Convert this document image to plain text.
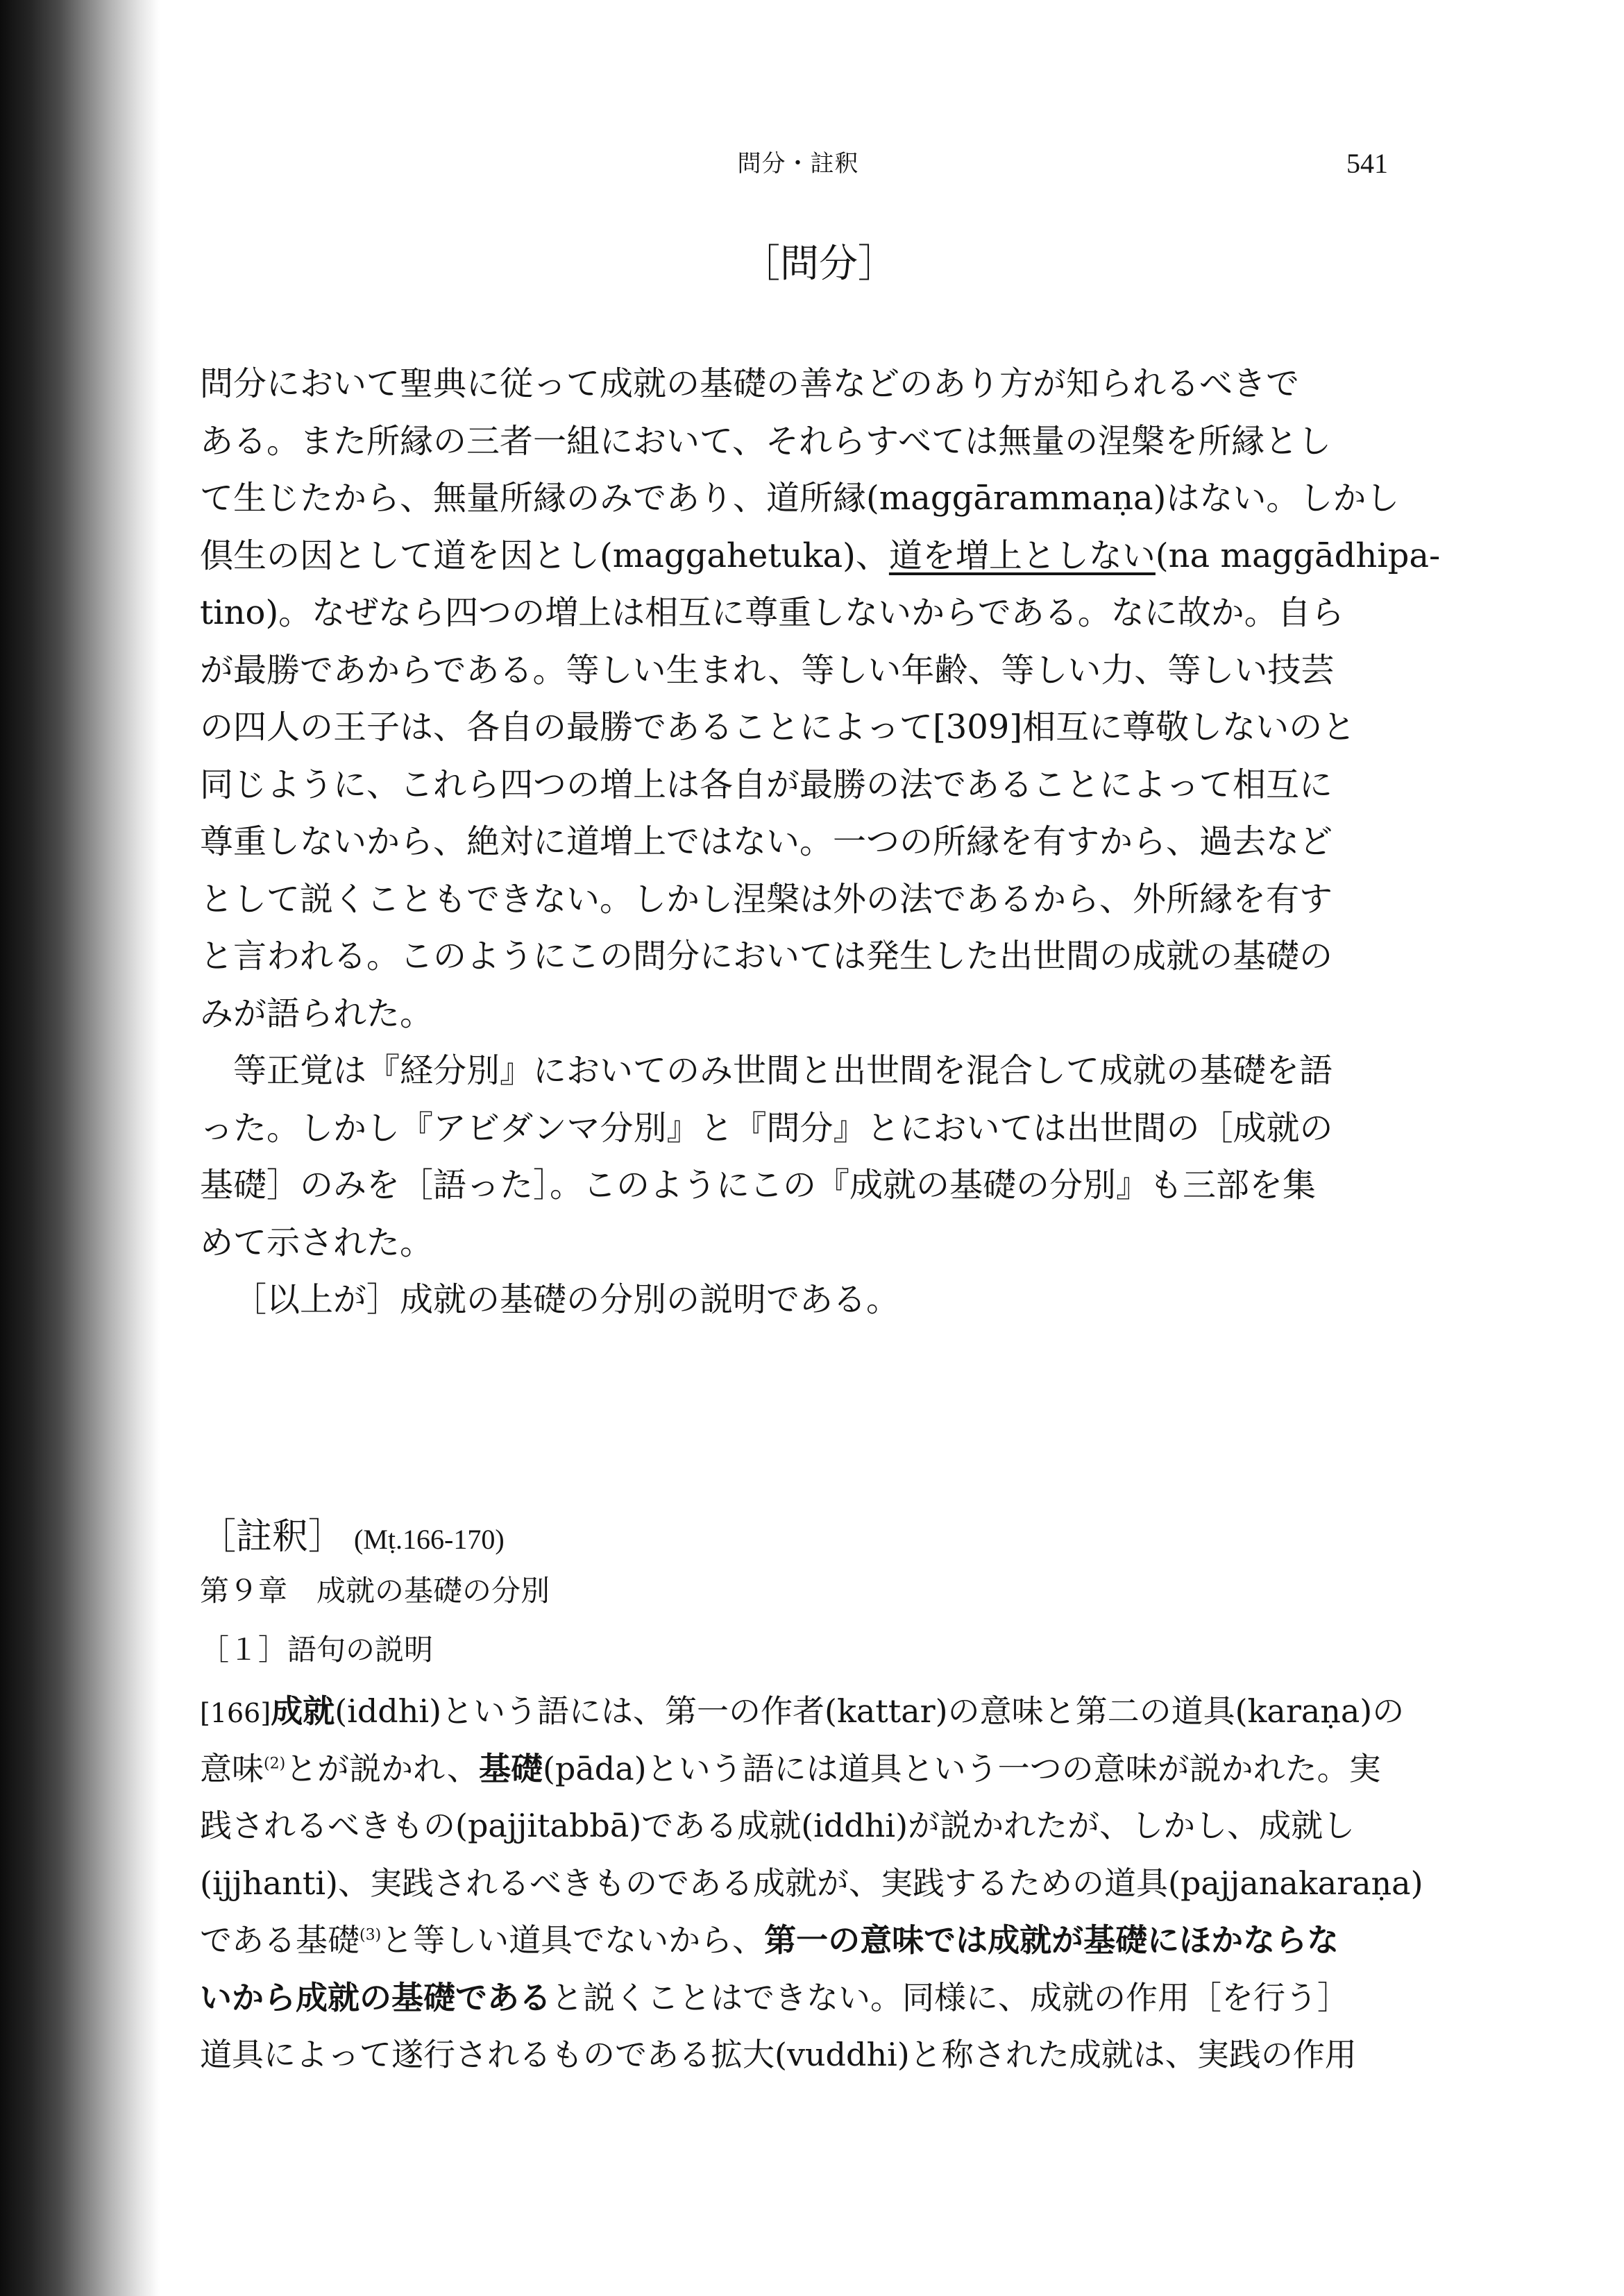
問分・註釈	541
［問分］
問分において聖典に従って成就の基礎の善などのあり方が知られるべきで
ある。また所縁の三者一組において、それらすべては無量の涅槃を所縁とし
て生じたから、無量所縁のみであり、道所縁(maggārammaṇa)はない。しかし
倶生の因として道を因とし(maggahetuka)、道を増上としない(na maggādhipa-
tino)。なぜなら四つの増上は相互に尊重しないからである。なに故か。自ら
が最勝であからである。等しい生まれ、等しい年齢、等しい力、等しい技芸
の四人の王子は、各自の最勝であることによって[309]相互に尊敬しないのと
同じように、これら四つの増上は各自が最勝の法であることによって相互に
尊重しないから、絶対に道増上ではない。一つの所縁を有すから、過去など
として説くこともできない。しかし涅槃は外の法であるから、外所縁を有す
と言われる。このようにこの問分においては発生した出世間の成就の基礎の
みが語られた。
等正覚は『経分別』においてのみ世間と出世間を混合して成就の基礎を語
った。しかし『アビダンマ分別』と『問分』とにおいては出世間の［成就の
基礎］のみを［語った］。このようにこの『成就の基礎の分別』も三部を集
めて示された。
［以上が］成就の基礎の分別の説明である。
［註釈］ (Mṭ.166-170)
第９章　成就の基礎の分別
［１］語句の説明
[166]成就(iddhi)という語には、第一の作者(kattar)の意味と第二の道具(karaṇa)の
意味$^{(2)}$とが説かれ、基礎(pāda)という語には道具という一つの意味が説かれた。実
践されるべきもの(pajjitabbā)である成就(iddhi)が説かれたが、しかし、成就し
(ijjhanti)、実践されるべきものである成就が、実践するための道具(pajjanakaraṇa)
である基礎$^{(3)}$と等しい道具でないから、第一の意味では成就が基礎にほかならな
いから成就の基礎であると説くことはできない。同様に、成就の作用［を行う］
道具によって遂行されるものである拡大(vuddhi)と称された成就は、実践の作用
